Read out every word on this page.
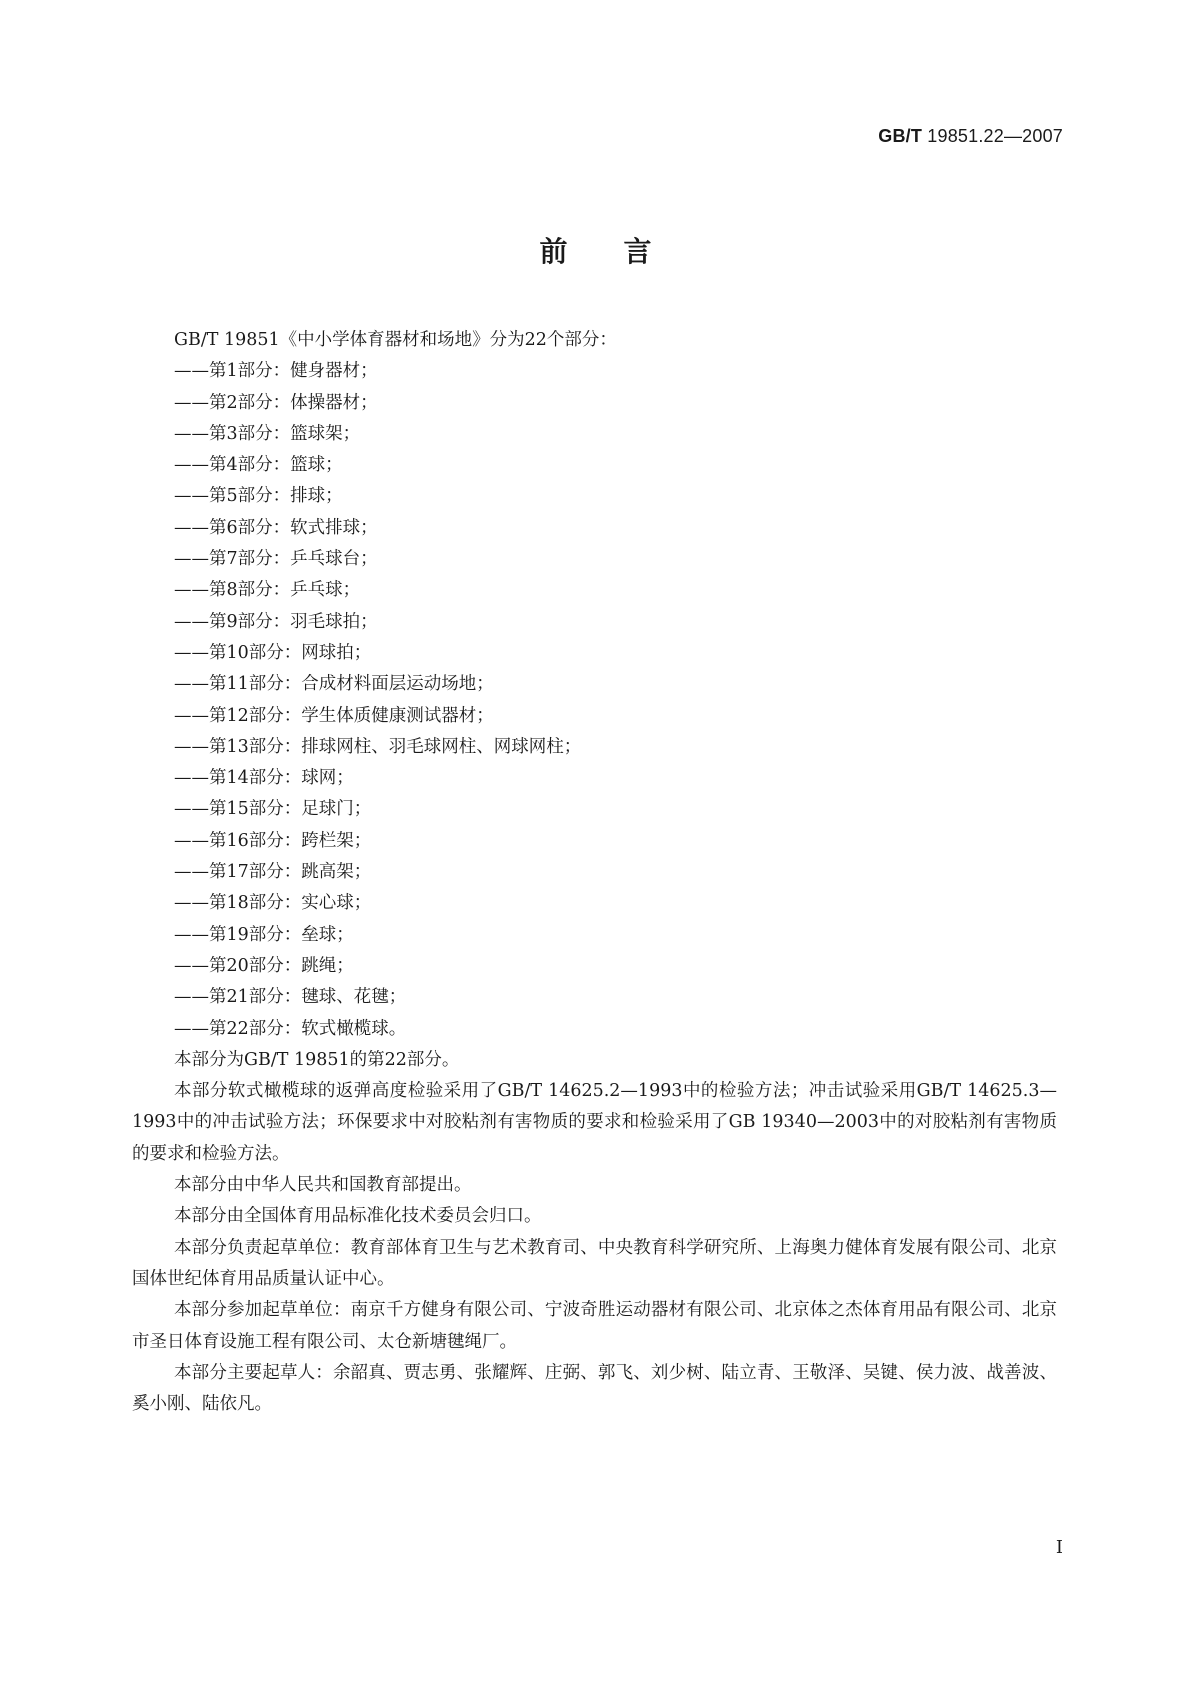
GB/T 19851.22—2007
前言

GB/T 19851《中小学体育器材和场地》分为22个部分：

——第1部分：健身器材；

——第2部分：体操器材；

——第3部分：篮球架；

——第4部分：篮球；

——第5部分：排球；

——第6部分：软式排球；

——第7部分：乒乓球台；

——第8部分：乒乓球；

——第9部分：羽毛球拍；

——第10部分：网球拍；

——第11部分：合成材料面层运动场地；

——第12部分：学生体质健康测试器材；

——第13部分：排球网柱、羽毛球网柱、网球网柱；

——第14部分：球网；

——第15部分：足球门；

——第16部分：跨栏架；

——第17部分：跳高架；

——第18部分：实心球；

——第19部分：垒球；

——第20部分：跳绳；

——第21部分：毽球、花毽；

——第22部分：软式橄榄球。

本部分为GB/T 19851的第22部分。

本部分软式橄榄球的返弹高度检验采用了GB/T 14625.2—1993中的检验方法；冲击试验采用GB/T 14625.3—1993中的冲击试验方法；环保要求中对胶粘剂有害物质的要求和检验采用了GB 19340—2003中的对胶粘剂有害物质的要求和检验方法。

本部分由中华人民共和国教育部提出。

本部分由全国体育用品标准化技术委员会归口。

本部分负责起草单位：教育部体育卫生与艺术教育司、中央教育科学研究所、上海奥力健体育发展有限公司、北京国体世纪体育用品质量认证中心。

本部分参加起草单位：南京千方健身有限公司、宁波奇胜运动器材有限公司、北京体之杰体育用品有限公司、北京市圣日体育设施工程有限公司、太仓新塘毽绳厂。

本部分主要起草人：余韶真、贾志勇、张耀辉、庄弼、郭飞、刘少树、陆立青、王敬泽、吴键、侯力波、战善波、奚小刚、陆依凡。

I
